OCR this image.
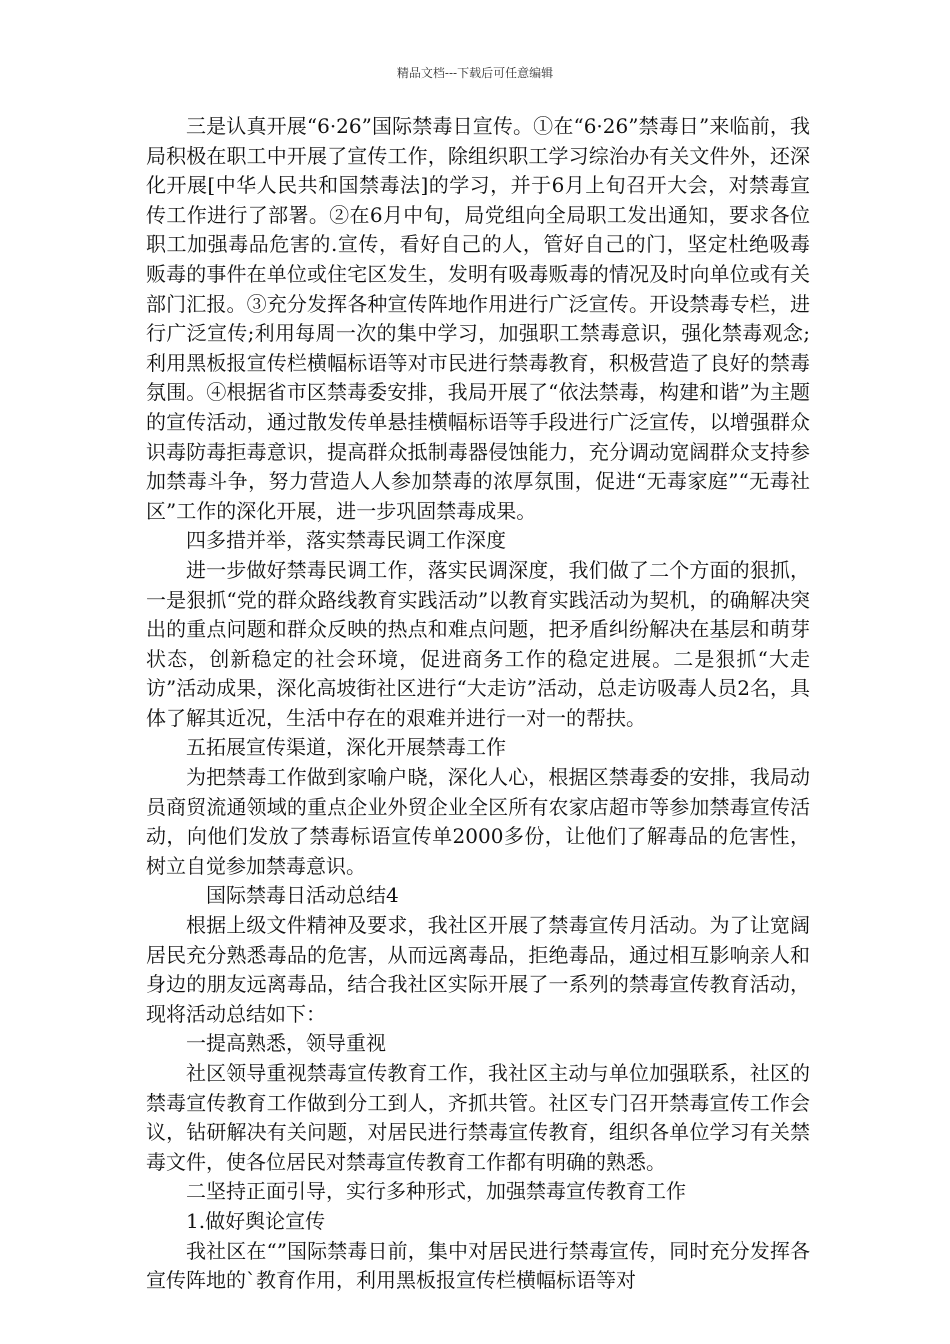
精品文档---下载后可任意编辑

三是认真开展“6·26”国际禁毒日宣传。①在“6·26”禁毒日”来临前，我局积极在职工中开展了宣传工作，除组织职工学习综治办有关文件外，还深化开展[中华人民共和国禁毒法]的学习，并于6月上旬召开大会，对禁毒宣传工作进行了部署。②在6月中旬，局党组向全局职工发出通知，要求各位职工加强毒品危害的.宣传，看好自己的人，管好自己的门，坚定杜绝吸毒贩毒的事件在单位或住宅区发生，发明有吸毒贩毒的情况及时向单位或有关部门汇报。③充分发挥各种宣传阵地作用进行广泛宣传。开设禁毒专栏，进行广泛宣传;利用每周一次的集中学习，加强职工禁毒意识，强化禁毒观念;利用黑板报宣传栏横幅标语等对市民进行禁毒教育，积极营造了良好的禁毒氛围。④根据省市区禁毒委安排，我局开展了“依法禁毒，构建和谐”为主题的宣传活动，通过散发传单悬挂横幅标语等手段进行广泛宣传，以增强群众识毒防毒拒毒意识，提高群众抵制毒器侵蚀能力，充分调动宽阔群众支持参加禁毒斗争，努力营造人人参加禁毒的浓厚氛围，促进“无毒家庭”“无毒社区”工作的深化开展，进一步巩固禁毒成果。

四多措并举，落实禁毒民调工作深度

进一步做好禁毒民调工作，落实民调深度，我们做了二个方面的狠抓，一是狠抓“党的群众路线教育实践活动”以教育实践活动为契机，的确解决突出的重点问题和群众反映的热点和难点问题，把矛盾纠纷解决在基层和萌芽状态，创新稳定的社会环境，促进商务工作的稳定进展。二是狠抓“大走访”活动成果，深化高坡街社区进行“大走访”活动，总走访吸毒人员2名，具体了解其近况，生活中存在的艰难并进行一对一的帮扶。

五拓展宣传渠道，深化开展禁毒工作

为把禁毒工作做到家喻户晓，深化人心，根据区禁毒委的安排，我局动员商贸流通领域的重点企业外贸企业全区所有农家店超市等参加禁毒宣传活动，向他们发放了禁毒标语宣传单2000多份，让他们了解毒品的危害性，树立自觉参加禁毒意识。

国际禁毒日活动总结4

根据上级文件精神及要求，我社区开展了禁毒宣传月活动。为了让宽阔居民充分熟悉毒品的危害，从而远离毒品，拒绝毒品，通过相互影响亲人和身边的朋友远离毒品，结合我社区实际开展了一系列的禁毒宣传教育活动，现将活动总结如下：

一提高熟悉，领导重视

社区领导重视禁毒宣传教育工作，我社区主动与单位加强联系，社区的禁毒宣传教育工作做到分工到人，齐抓共管。社区专门召开禁毒宣传工作会议，钻研解决有关问题，对居民进行禁毒宣传教育，组织各单位学习有关禁毒文件，使各位居民对禁毒宣传教育工作都有明确的熟悉。

二坚持正面引导，实行多种形式，加强禁毒宣传教育工作

1.做好舆论宣传

我社区在“”国际禁毒日前，集中对居民进行禁毒宣传，同时充分发挥各宣传阵地的`教育作用，利用黑板报宣传栏横幅标语等对
